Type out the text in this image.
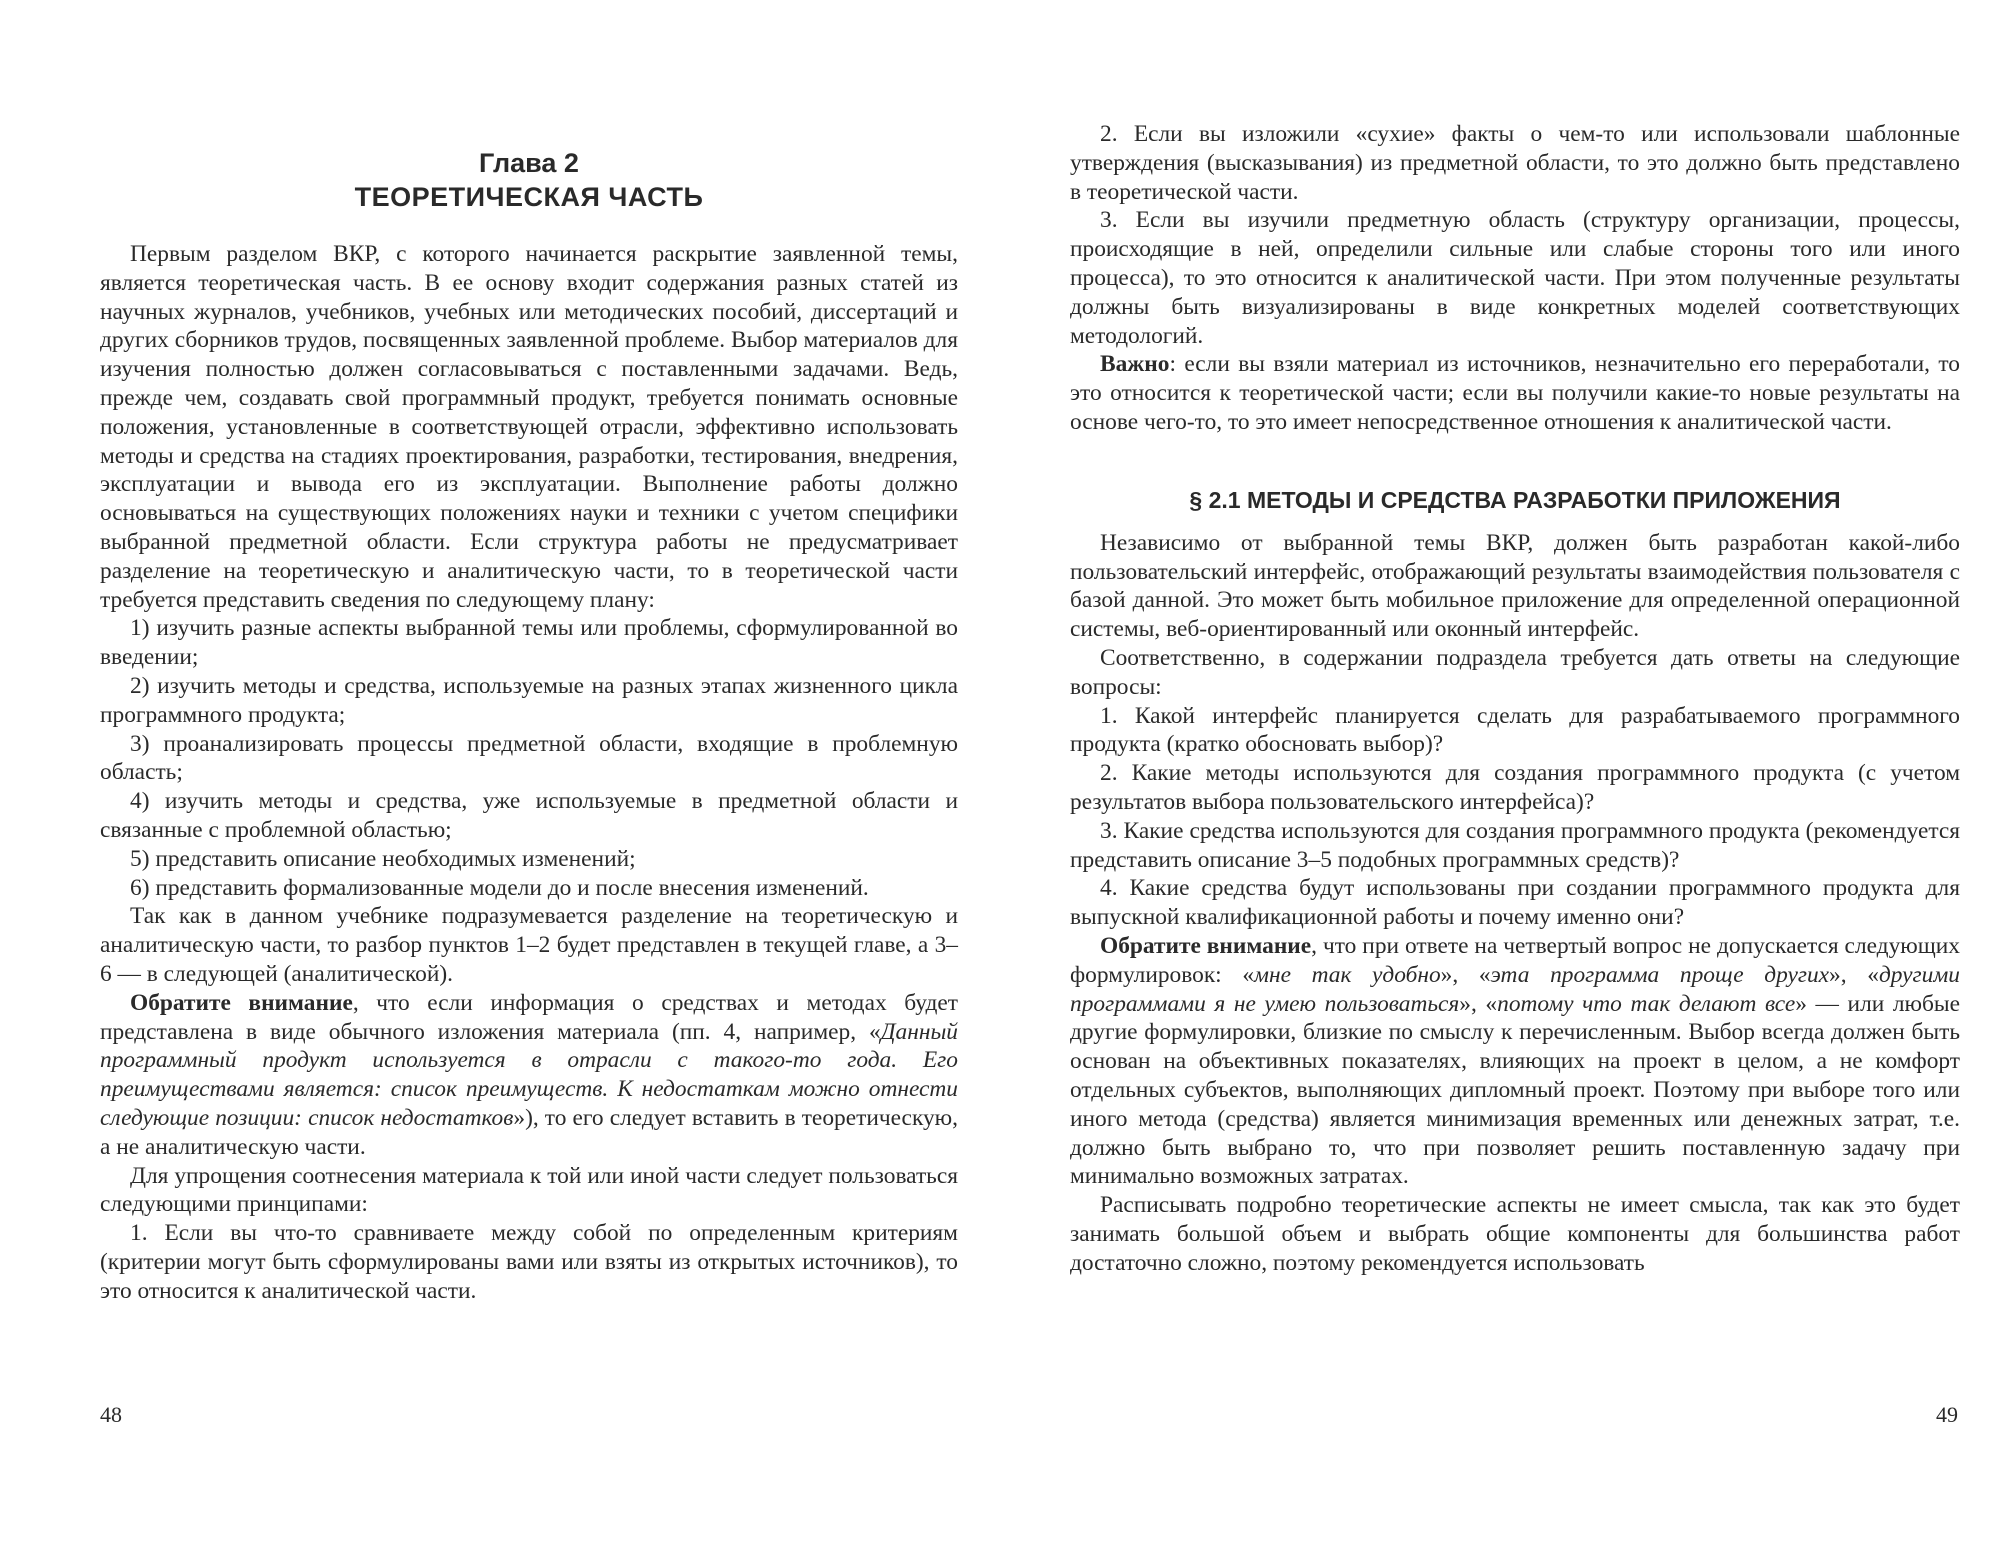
Глава 2
ТЕОРЕТИЧЕСКАЯ ЧАСТЬ

Первым разделом ВКР, с которого начинается раскрытие заявленной темы, является теоретическая часть. В ее основу входит содержания разных статей из научных журналов, учебников, учебных или методических пособий, диссертаций и других сборников трудов, посвященных заявленной проблеме. Выбор материалов для изучения полностью должен согласовываться с поставленными задачами. Ведь, прежде чем, создавать свой программный продукт, требуется понимать основные положения, установленные в соответствующей отрасли, эффективно использовать методы и средства на стадиях проектирования, разработки, тестирования, внедрения, эксплуатации и вывода его из эксплуатации. Выполнение работы должно основываться на существующих положениях науки и техники с учетом специфики выбранной предметной области. Если структура работы не предусматривает разделение на теоретическую и аналитическую части, то в теоретической части требуется представить сведения по следующему плану:

1) изучить разные аспекты выбранной темы или проблемы, сформулированной во введении;

2) изучить методы и средства, используемые на разных этапах жизненного цикла программного продукта;

3) проанализировать процессы предметной области, входящие в проблемную область;

4) изучить методы и средства, уже используемые в предметной области и связанные с проблемной областью;

5) представить описание необходимых изменений;

6) представить формализованные модели до и после внесения изменений.

Так как в данном учебнике подразумевается разделение на теоретическую и аналитическую части, то разбор пунктов 1–2 будет представлен в текущей главе, а 3–6 — в следующей (аналитической).

Обратите внимание, что если информация о средствах и методах будет представлена в виде обычного изложения материала (пп. 4, например, «Данный программный продукт используется в отрасли с такого-то года. Его преимуществами является: список преимуществ. К недостаткам можно отнести следующие позиции: список недостатков»), то его следует вставить в теоретическую, а не аналитическую части.

Для упрощения соотнесения материала к той или иной части следует пользоваться следующими принципами:

1. Если вы что-то сравниваете между собой по определенным критериям (критерии могут быть сформулированы вами или взяты из открытых источников), то это относится к аналитической части.

48

2. Если вы изложили «сухие» факты о чем-то или использовали шаблонные утверждения (высказывания) из предметной области, то это должно быть представлено в теоретической части.

3. Если вы изучили предметную область (структуру организации, процессы, происходящие в ней, определили сильные или слабые стороны того или иного процесса), то это относится к аналитической части. При этом полученные результаты должны быть визуализированы в виде конкретных моделей соответствующих методологий.

Важно: если вы взяли материал из источников, незначительно его переработали, то это относится к теоретической части; если вы получили какие-то новые результаты на основе чего-то, то это имеет непосредственное отношения к аналитической части.

§ 2.1 МЕТОДЫ И СРЕДСТВА РАЗРАБОТКИ ПРИЛОЖЕНИЯ

Независимо от выбранной темы ВКР, должен быть разработан какой-либо пользовательский интерфейс, отображающий результаты взаимодействия пользователя с базой данной. Это может быть мобильное приложение для определенной операционной системы, веб-ориентированный или оконный интерфейс.

Соответственно, в содержании подраздела требуется дать ответы на следующие вопросы:

1. Какой интерфейс планируется сделать для разрабатываемого программного продукта (кратко обосновать выбор)?

2. Какие методы используются для создания программного продукта (с учетом результатов выбора пользовательского интерфейса)?

3. Какие средства используются для создания программного продукта (рекомендуется представить описание 3–5 подобных программных средств)?

4. Какие средства будут использованы при создании программного продукта для выпускной квалификационной работы и почему именно они?

Обратите внимание, что при ответе на четвертый вопрос не допускается следующих формулировок: «мне так удобно», «эта программа проще других», «другими программами я не умею пользоваться», «потому что так делают все» — или любые другие формулировки, близкие по смыслу к перечисленным. Выбор всегда должен быть основан на объективных показателях, влияющих на проект в целом, а не комфорт отдельных субъектов, выполняющих дипломный проект. Поэтому при выборе того или иного метода (средства) является минимизация временных или денежных затрат, т.е. должно быть выбрано то, что при позволяет решить поставленную задачу при минимально возможных затратах.

Расписывать подробно теоретические аспекты не имеет смысла, так как это будет занимать большой объем и выбрать общие компоненты для большинства работ достаточно сложно, поэтому рекомендуется использовать

49
